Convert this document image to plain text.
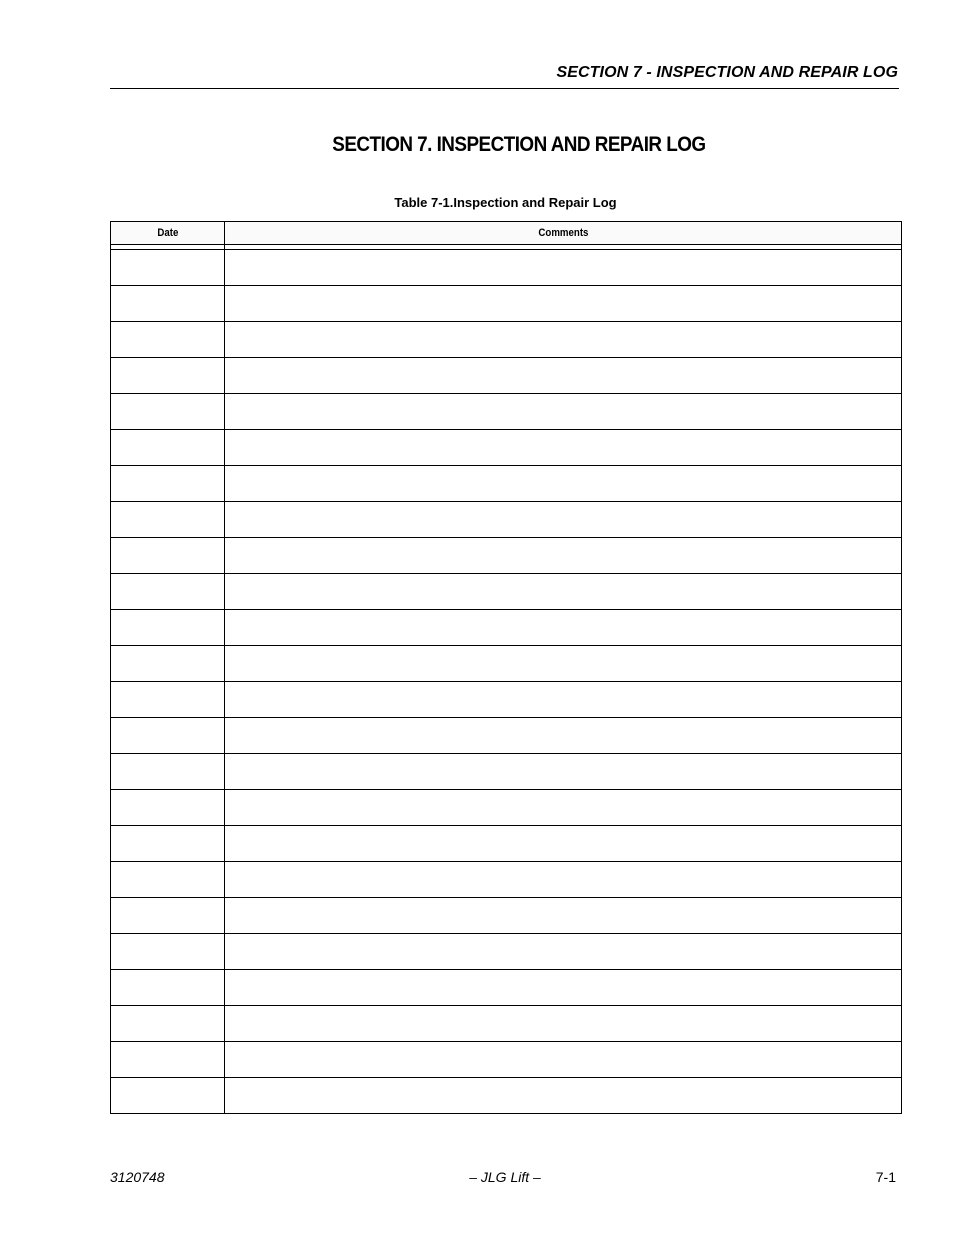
SECTION 7 - INSPECTION AND REPAIR LOG
SECTION 7. INSPECTION AND REPAIR LOG
Table 7-1.Inspection and Repair Log
Date	Comments

3120748	– JLG Lift –	7-1
